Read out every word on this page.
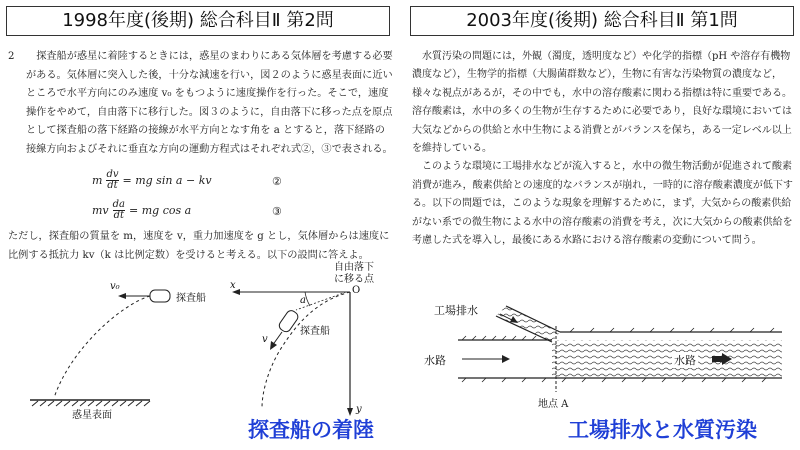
1998年度(後期) 総合科目Ⅱ 第2問	2003年度(後期) 総合科目Ⅱ 第1問
2	探査船が惑星に着陸するときには，惑星のまわりにある気体層を考慮する必要がある。気体層に突入した後，十分な減速を行い，図２のように惑星表面に近いところで水平方向にのみ速度 v₀ をもつように速度操作を行った。そこで，速度操作をやめて，自由落下に移行した。図３のように，自由落下に移った点を原点として探査船の落下経路の接線が水平方向となす角を a とすると，落下経路の接線方向およびそれに垂直な方向の運動方程式はそれぞれ式②，③で表される。
m $\frac{dv}{dt}$ = mg sin a − kv	②
mv $\frac{da}{dt}$ = mg cos a	③
ただし，探査船の質量を m，速度を v，重力加速度を g とし，気体層からは速度に比例する抵抗力 kv（k は比例定数）を受けると考える。以下の設問に答えよ。
v₀
探査船
惑星表面
自由落下
に移る点
O
x
a
探査船
v
y
水質汚染の問題には，外観（濁度，透明度など）や化学的指標（pH や溶存有機物濃度など），生物学的指標（大腸菌群数など），生物に有害な汚染物質の濃度など，様々な視点があるが，その中でも，水中の溶存酸素に関わる指標は特に重要である。溶存酸素は，水中の多くの生物が生存するために必要であり，良好な環境においては大気などからの供給と水中生物による消費とがバランスを保ち，ある一定レベル以上を維持している。
このような環境に工場排水などが流入すると，水中の微生物活動が促進されて酸素消費が進み，酸素供給との速度的なバランスが崩れ，一時的に溶存酸素濃度が低下する。以下の問題では，このような現象を理解するために，まず，大気からの酸素供給がない系での微生物による水中の溶存酸素の消費を考え，次に大気からの酸素供給を考慮した式を導入し，最後にある水路における溶存酸素の変動について問う。
工場排水
水路	水路
地点 A
探査船の着陸	工場排水と水質汚染
